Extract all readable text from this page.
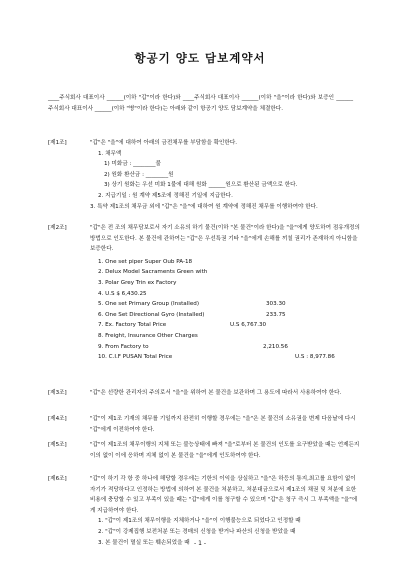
항공기 양도 담보계약서
____주식회사 대표이사 ______(이하 "갑"이라 한다)와 ____주식회사 대표이사 ______(이하 "을"이라 한다)와 보증인 ______ 주식회사 대표이사 ______(이하 "병"이라 한다)는 아래와 같이 항공기 양도 담보계약을 체결한다.
[제1조]	"갑"은 "을"에 대하여 아래의 금전채무를 부담함을 확인한다.
1. 채무액
1) 미화금 : ________불
2) 원화 환산금 : ________원
3) 상기 원화는 우선 미화 1불에 대해 원화 ______원으로 환산된 금액으로 한다.
2. 지급기일 : 원 계약 제5조에 정해진 기일에 지급한다.
3. 특약 제1조의 채무금 외에 "갑"은 "을"에 대하여 원 계약에 정해진 채무를 이행하여야 한다.
[제2조]	"갑"은 전 조의 채무담보로서 자기 소유의 하기 물건(이하 "본 물건"이라 한다)을 "을"에게 양도하여 점유개정의 방법으로 인도한다. 본 물건에 관하여는 "갑"은 우선특권 기타 "을"에게 손해를 끼칠 권리가 존재하지 아니함을 보증한다.
1. One set piper Super Oub PA-18
2. Delux Model Sacraments Green with
3. Polar Grey Trin ex Factory
4. U.S $ 6,430.25
5. One set Primary Group (Installed)	303.30
6. One Set Directional Gyro (Installed)	233.75
7. Ex. Factory Total Price	U.S 6,767.30
8. Freight, Insurance Other Charges
9. From Factory to	2,210.56
10. C.I.F PUSAN Total Price	U.S : 8,977.86
[제3조]	"갑"은 선량한 관리자의 주의로서 "을"을 위하여 본 물건을 보관하며 그 용도에 따라서 사용하여야 한다.
[제4조]	"갑"이 제1조 기재의 채무를 기일까지 완전히 이행할 경우에는 "을"은 본 물건의 소유권을 변제 다음날에 다시 "갑"에게 이전하여야 한다.
[제5조]	"갑"이 제1조의 채무이행의 지체 또는 불능상태에 빠져 "을"로부터 본 물건의 인도를 요구받았을 때는 언제든지 이의 없이 이에 응하며 지체 없이 본 물건을 "을"에게 인도하여야 한다.
[제6조]	"갑"이 하기 각 항 중 하나에 해당할 경우에는 기한의 이익을 상실하고 "을"은 하등의 통지,최고를 요함이 없이 자기가 적당하다고 인정하는 방법에 의하여 본 물건을 처분하고, 처분대금으로서 제1조의 채권 및 처분에 요한 비용에 충당할 수 있고 부족이 있을 때는 "갑"에게 이를 청구할 수 있으며 "갑"은 청구 즉시 그 부족액을 "을"에게 지급하여야 한다.
1. "갑"이 제1조의 채무이행을 지체하거나 "을"이 이행불능으로 되었다고 인정할 때
2. "갑"이 강제집행 보전처분 또는 경매의 신청을 받거나 파산의 신청을 받았을 때
3. 본 물건이 멸실 또는 훼손되었을 때 - 1 -
